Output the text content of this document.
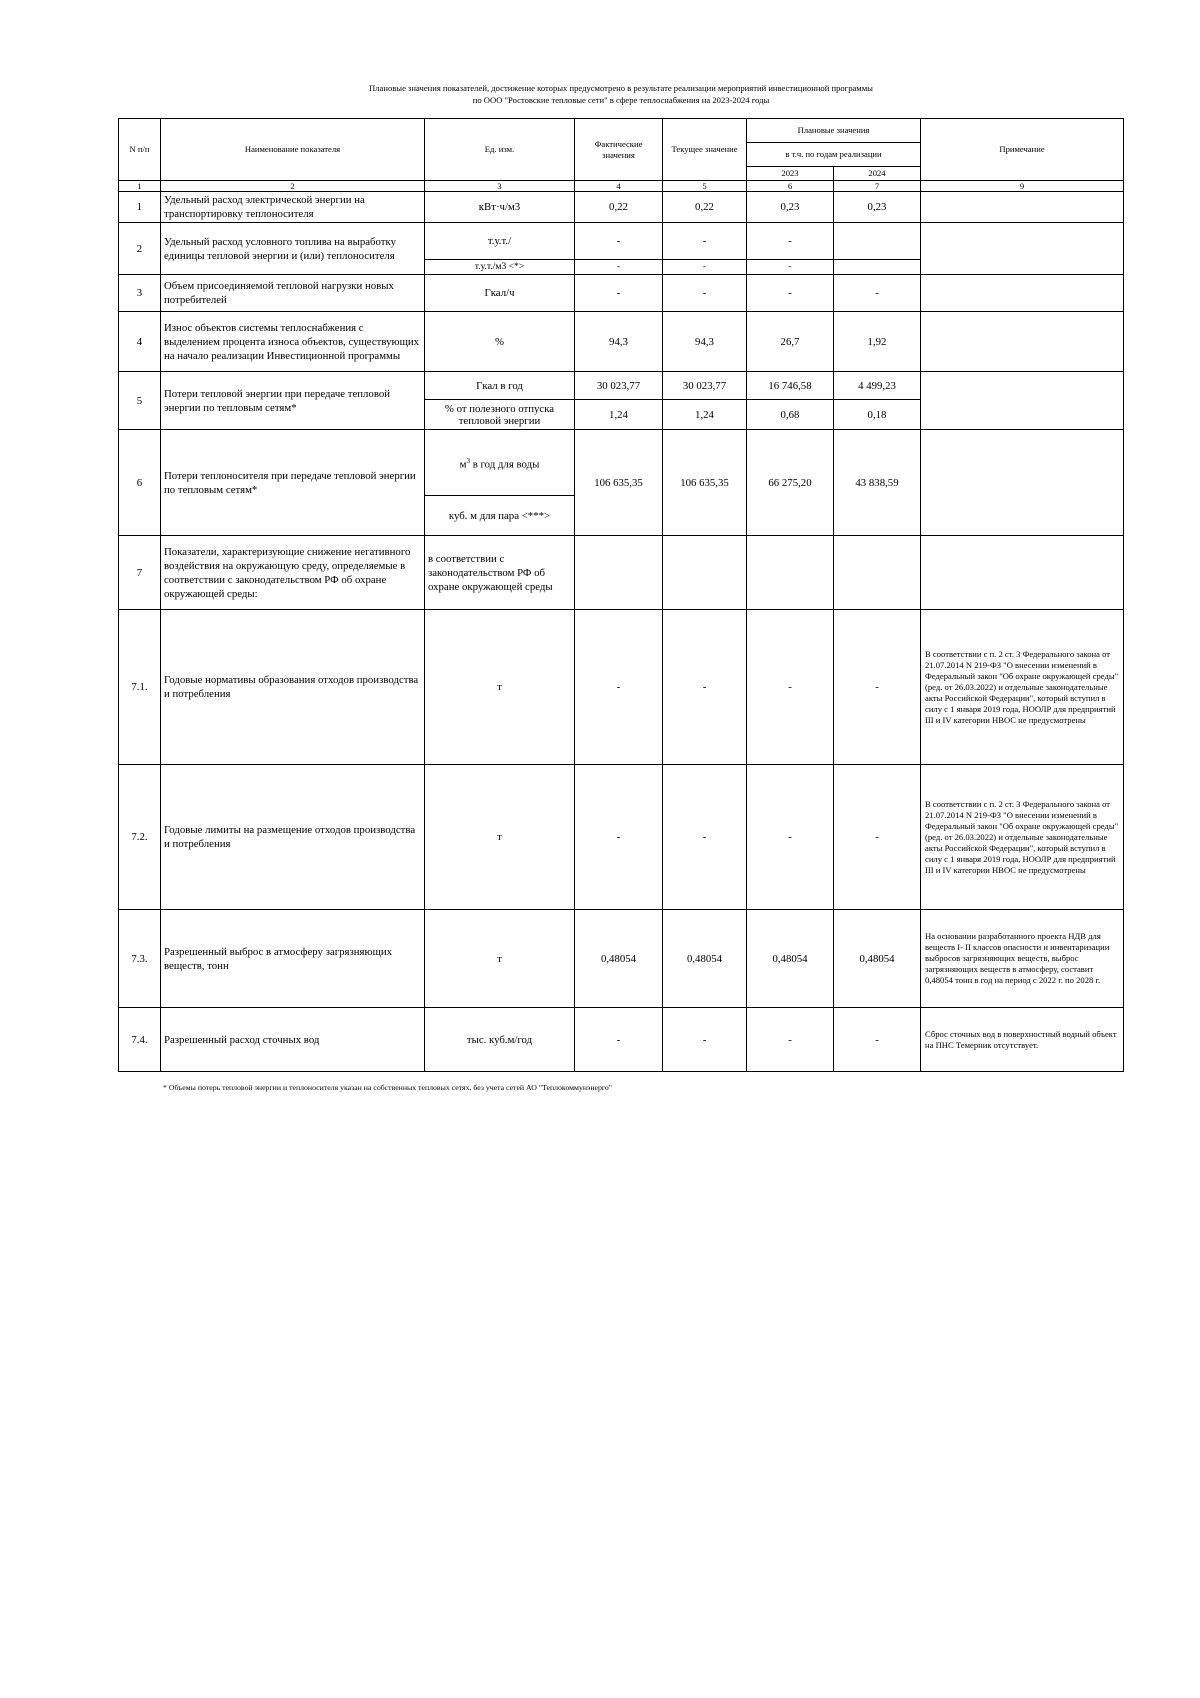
Плановые значения показателей, достижение которых предусмотрено в результате реализации мероприятий инвестиционной программы
по ООО "Ростовские тепловые сети" в сфере теплоснабжения на 2023-2024 годы
N п/п	Наименование показателя	Ед. изм.	Фактические значения	Текущее значение	Плановые значения		Примечание
					в т.ч. по годам реализации		
					2023	2024	
1	2	3	4	5	6	7	9
1	Удельный расход электрической энергии на транспортировку теплоносителя	кВт·ч/м3	0,22	0,22	0,23	0,23	
2	Удельный расход условного топлива на выработку единицы тепловой энергии и (или) теплоносителя	т.у.т./	-	-	-		
		т.у.т./м3 <*>	-	-	-		
3	Объем присоединяемой тепловой нагрузки новых потребителей	Гкал/ч	-	-	-	-	
4	Износ объектов системы теплоснабжения с выделением процента износа объектов, существующих на начало реализации Инвестиционной программы	%	94,3	94,3	26,7	1,92	
5	Потери тепловой энергии при передаче тепловой энергии по тепловым сетям*	Гкал в год	30 023,77	30 023,77	16 746,58	4 499,23	
		% от полезного отпуска тепловой энергии	1,24	1,24	0,68	0,18	
6	Потери теплоносителя при передаче тепловой энергии по тепловым сетям*	$м^3$ в год для воды	106 635,35	106 635,35	66 275,20	43 838,59	
		куб. м для пара <***>					
7	Показатели, характеризующие снижение негативного воздействия на окружающую среду, определяемые в соответствии с законодательством РФ об охране окружающей среды:	в соответствии с законодательством РФ об охране окружающей среды					
7.1.	Годовые нормативы образования отходов производства и потребления	т	-	-	-	-	В соответствии с п. 2 ст. 3 Федерального закона от 21.07.2014 N 219-ФЗ "О внесении изменений в Федеральный закон "Об охране окружающей среды" (ред. от 26.03.2022) и отдельные законодательные акты Российской Федерации", который вступил в силу с 1 января 2019 года, НООЛР для предприятий III и IV категории НВОС не предусмотрены
7.2.	Годовые лимиты на размещение отходов производства и потребления	т	-	-	-	-	В соответствии с п. 2 ст. 3 Федерального закона от 21.07.2014 N 219-ФЗ "О внесении изменений в Федеральный закон "Об охране окружающей среды" (ред. от 26.03.2022) и отдельные законодательные акты Российской Федерации", который вступил в силу с 1 января 2019 года, НООЛР для предприятий III и IV категории НВОС не предусмотрены
7.3.	Разрешенный выброс в атмосферу загрязняющих веществ, тонн	т	0,48054	0,48054	0,48054	0,48054	На основании разработанного проекта НДВ для веществ I- II классов опасности и инвентаризации выбросов загрязняющих веществ, выброс загрязняющих веществ в атмосферу, составит 0,48054 тонн в год на период с 2022 г. по 2028 г.
7.4.	Разрешенный расход сточных вод	тыс. куб.м/год	-	-	-	-	Сброс сточных вод в поверхностный водный объект на ПНС Темерник отсутствует.
* Объемы потерь тепловой энергии и теплоносителя указан на собственных тепловых сетях, без учета сетей АО "Теплокоммунэнерго"
